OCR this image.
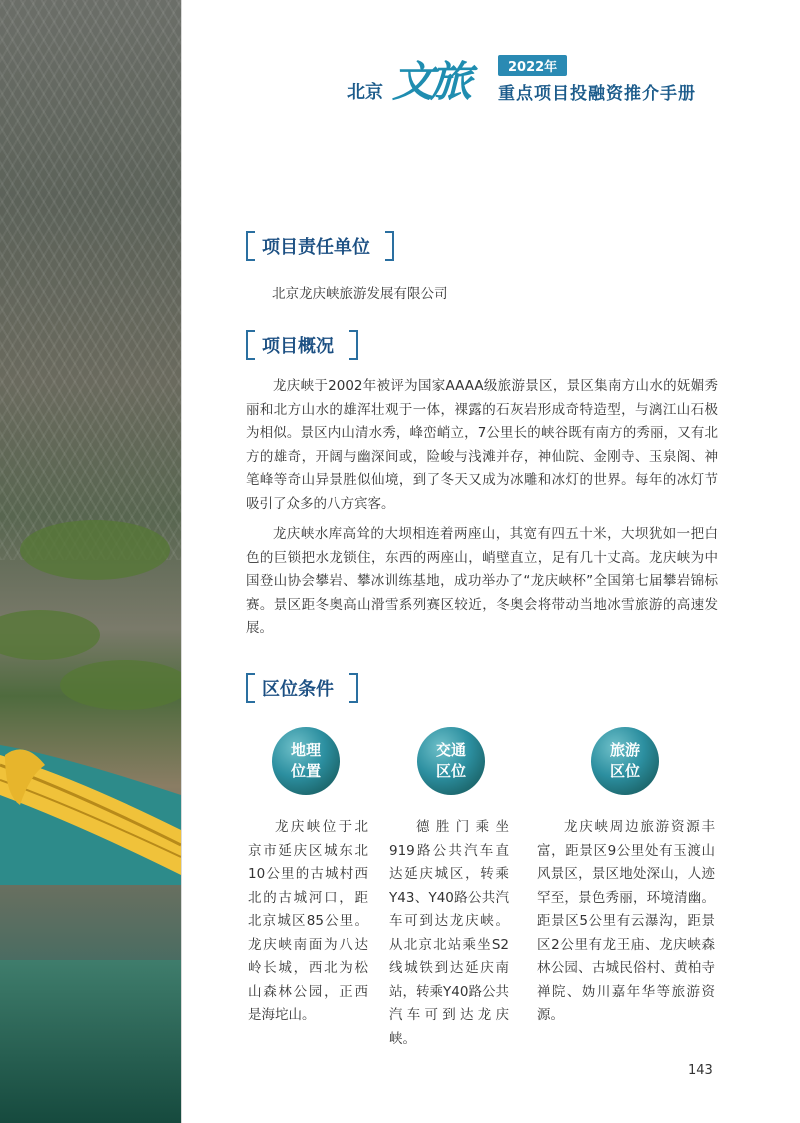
北京 文旅	2022年
重点项目投融资推介手册
项目责任单位
北京龙庆峡旅游发展有限公司
项目概况

龙庆峡于2002年被评为国家AAAA级旅游景区，景区集南方山水的妩媚秀丽和北方山水的雄浑壮观于一体，裸露的石灰岩形成奇特造型，与漓江山石极为相似。景区内山清水秀，峰峦峭立，7公里长的峡谷既有南方的秀丽，又有北方的雄奇，开阔与幽深间或，险峻与浅滩并存，神仙院、金刚寺、玉泉阁、神笔峰等奇山异景胜似仙境，到了冬天又成为冰雕和冰灯的世界。每年的冰灯节吸引了众多的八方宾客。

龙庆峡水库高耸的大坝相连着两座山，其宽有四五十米，大坝犹如一把白色的巨锁把水龙锁住，东西的两座山，峭壁直立，足有几十丈高。龙庆峡为中国登山协会攀岩、攀冰训练基地，成功举办了“龙庆峡杯”全国第七届攀岩锦标赛。景区距冬奥高山滑雪系列赛区较近，冬奥会将带动当地冰雪旅游的高速发展。

区位条件
地理
位置
交通
区位
旅游
区位

龙庆峡位于北京市延庆区城东北10公里的古城村西北的古城河口，距北京城区85公里。龙庆峡南面为八达岭长城，西北为松山森林公园，正西是海坨山。

德胜门乘坐919路公共汽车直达延庆城区，转乘Y43、Y40路公共汽车可到达龙庆峡。从北京北站乘坐S2线城铁到达延庆南站，转乘Y40路公共汽车可到达龙庆峡。

龙庆峡周边旅游资源丰富，距景区9公里处有玉渡山风景区，景区地处深山，人迹罕至，景色秀丽，环境清幽。距景区5公里有云瀑沟，距景区2公里有龙王庙、龙庆峡森林公园、古城民俗村、黄柏寺禅院、妫川嘉年华等旅游资源。

143
